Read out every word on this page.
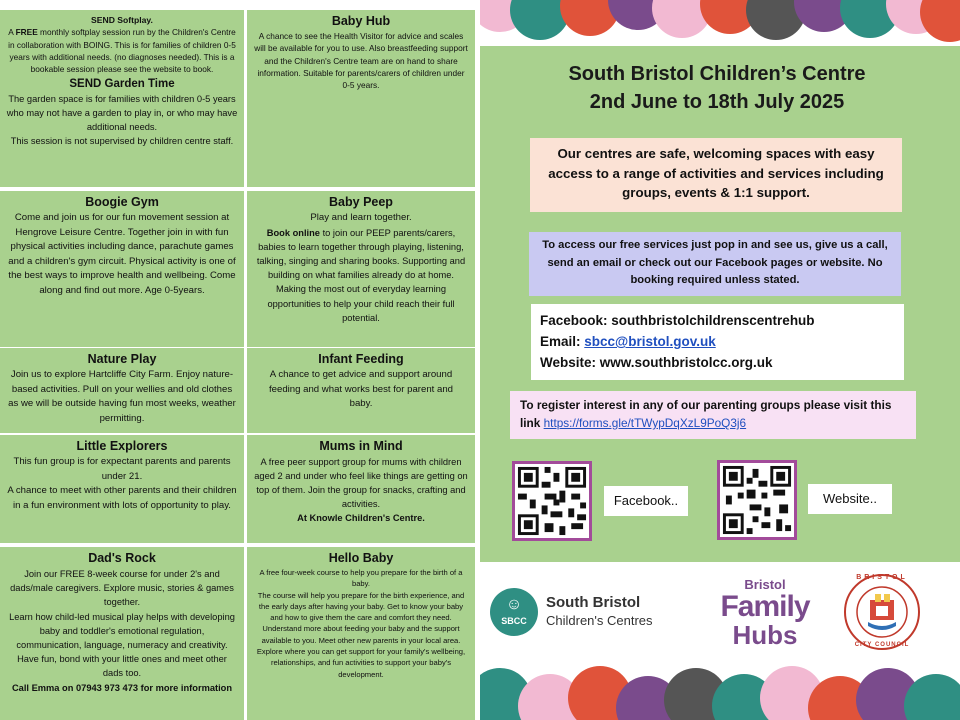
SEND Softplay.

A FREE monthly softplay session run by the Children's Centre in collaboration with BOING. This is for families of children 0-5 years with additional needs. (no diagnoses needed). This is a bookable session please see the website to book.

SEND Garden Time

The garden space is for families with children 0-5 years who may not have a garden to play in, or who may have additional needs.

This session is not supervised by children centre staff.

Baby Hub

A chance to see the Health Visitor for advice and scales will be available for you to use. Also breastfeeding support and the Children's Centre team are on hand to share information. Suitable for parents/carers of children under 0-5 years.

Boogie Gym

Come and join us for our fun movement session at Hengrove Leisure Centre. Together join in with fun physical activities including dance, parachute games and a children's gym circuit. Physical activity is one of the best ways to improve health and wellbeing. Come along and find out more. Age 0-5years.

Baby Peep

Play and learn together.

Book online to join our PEEP parents/carers, babies to learn together through playing, listening, talking, singing and sharing books. Supporting and building on what families already do at home. Making the most out of everyday learning opportunities to help your child reach their full potential.

Nature Play

Join us to explore Hartcliffe City Farm. Enjoy nature-based activities. Pull on your wellies and old clothes as we will be outside having fun most weeks, weather permitting.

Infant Feeding

A chance to get advice and support around feeding and what works best for parent and baby.

Little Explorers

This fun group is for expectant parents and parents under 21.

A chance to meet with other parents and their children in a fun environment with lots of opportunity to play.

Mums in Mind

A free peer support group for mums with children aged 2 and under who feel like things are getting on top of them. Join the group for snacks, crafting and activities.

At Knowle Children's Centre.

Dad's Rock

Join our FREE 8-week course for under 2's and dads/male caregivers. Explore music, stories & games together.

Learn how child-led musical play helps with developing baby and toddler's emotional regulation, communication, language, numeracy and creativity.

Have fun, bond with your little ones and meet other dads too.

Call Emma on 07943 973 473 for more information

Hello Baby

A free four-week course to help you prepare for the birth of a baby.

The course will help you prepare for the birth experience, and the early days after having your baby. Get to know your baby and how to give them the care and comfort they need. Understand more about feeding your baby and the support available to you. Meet other new parents in your local area. Explore where you can get support for your family's wellbeing, relationships, and fun activities to support your baby's development.

South Bristol Children’s Centre
2nd June to 18th July 2025
Our centres are safe, welcoming spaces with easy access to a range of activities and services including groups, events & 1:1 support.
To access our free services just pop in and see us, give us a call, send an email or check out our Facebook pages or website. No booking required unless stated.
Facebook: southbristolchildrenscentrehub
Email: sbcc@bristol.gov.uk
Website: www.southbristolcc.org.uk
To register interest in any of our parenting groups please visit this link https://forms.gle/tTWypDqXzL9PoQ3j6
Facebook..	Website..
☺
SBCC
South Bristol
Children's Centres
Bristol
Family
Hubs
BRISTOL
CITY COUNCIL
